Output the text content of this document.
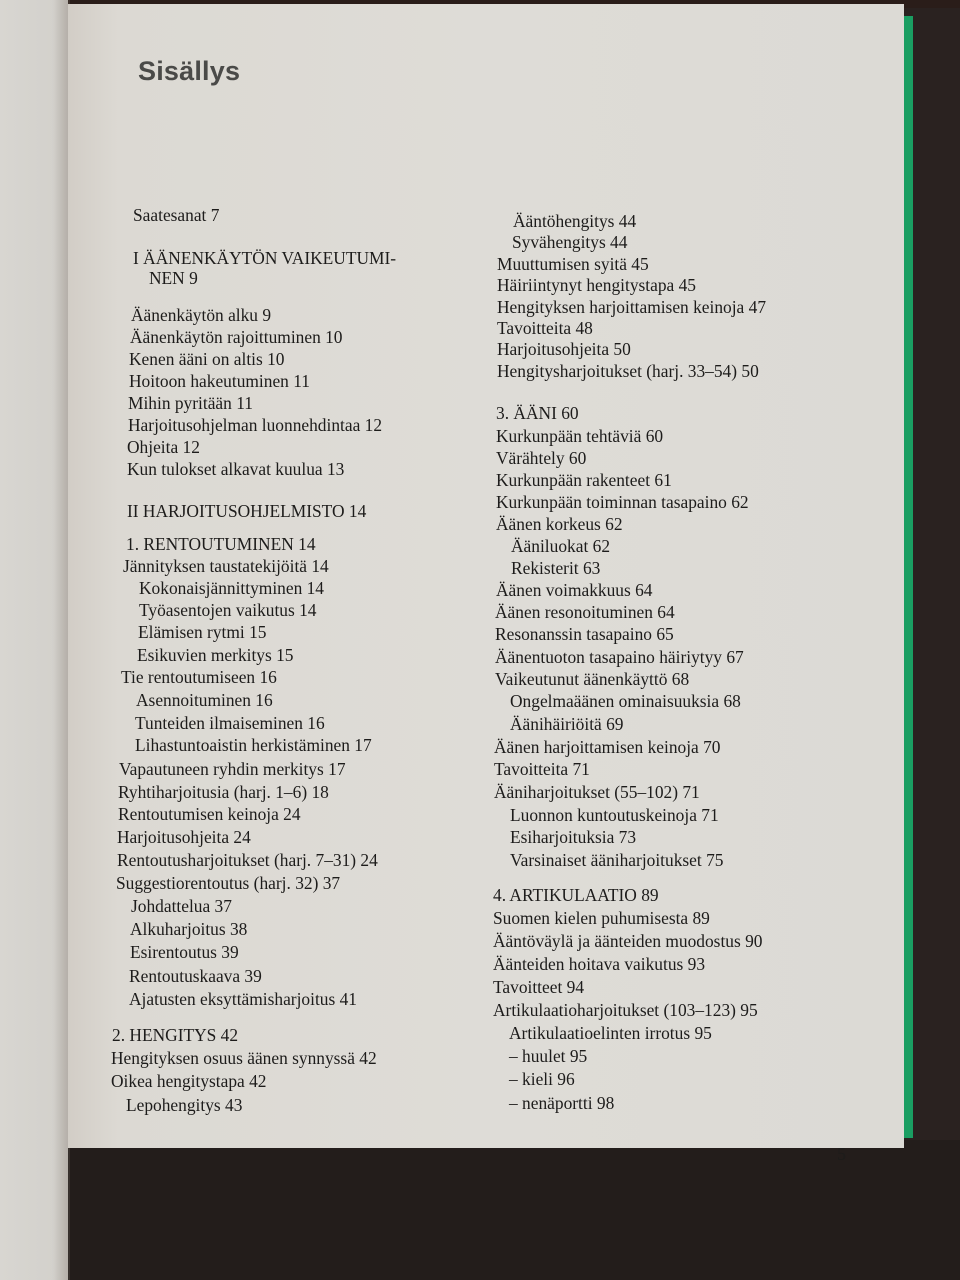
Sisällys
Saatesanat 7
I ÄÄNENKÄYTÖN VAIKEUTUMI-
NEN 9
Äänenkäytön alku 9
Äänenkäytön rajoittuminen 10
Kenen ääni on altis 10
Hoitoon hakeutuminen 11
Mihin pyritään 11
Harjoitusohjelman luonnehdintaa 12
Ohjeita 12
Kun tulokset alkavat kuulua 13
II HARJOITUSOHJELMISTO 14
1. RENTOUTUMINEN 14
Jännityksen taustatekijöitä 14
Kokonaisjännittyminen 14
Työasentojen vaikutus 14
Elämisen rytmi 15
Esikuvien merkitys 15
Tie rentoutumiseen 16
Asennoituminen 16
Tunteiden ilmaiseminen 16
Lihastuntoaistin herkistäminen 17
Vapautuneen ryhdin merkitys 17
Ryhtiharjoitusia (harj. 1–6) 18
Rentoutumisen keinoja 24
Harjoitusohjeita 24
Rentoutusharjoitukset (harj. 7–31) 24
Suggestiorentoutus (harj. 32) 37
Johdattelua 37
Alkuharjoitus 38
Esirentoutus 39
Rentoutuskaava 39
Ajatusten eksyttämisharjoitus 41
2. HENGITYS 42
Hengityksen osuus äänen synnyssä 42
Oikea hengitystapa 42
Lepohengitys 43
Ääntöhengitys 44
Syvähengitys 44
Muuttumisen syitä 45
Häiriintynyt hengitystapa 45
Hengityksen harjoittamisen keinoja 47
Tavoitteita 48
Harjoitusohjeita 50
Hengitysharjoitukset (harj. 33–54) 50
3. ÄÄNI 60
Kurkunpään tehtäviä 60
Värähtely 60
Kurkunpään rakenteet 61
Kurkunpään toiminnan tasapaino 62
Äänen korkeus 62
Ääniluokat 62
Rekisterit 63
Äänen voimakkuus 64
Äänen resonoituminen 64
Resonanssin tasapaino 65
Äänentuoton tasapaino häiriytyy 67
Vaikeutunut äänenkäyttö 68
Ongelmaäänen ominaisuuksia 68
Äänihäiriöitä 69
Äänen harjoittamisen keinoja 70
Tavoitteita 71
Ääniharjoitukset (55–102) 71
Luonnon kuntoutuskeinoja 71
Esiharjoituksia 73
Varsinaiset ääniharjoitukset 75
4. ARTIKULAATIO 89
Suomen kielen puhumisesta 89
Ääntöväylä ja äänteiden muodostus 90
Äänteiden hoitava vaikutus 93
Tavoitteet 94
Artikulaatioharjoitukset (103–123) 95
Artikulaatioelinten irrotus 95
– huulet 95
– kieli 96
– nenäportti 98
5
